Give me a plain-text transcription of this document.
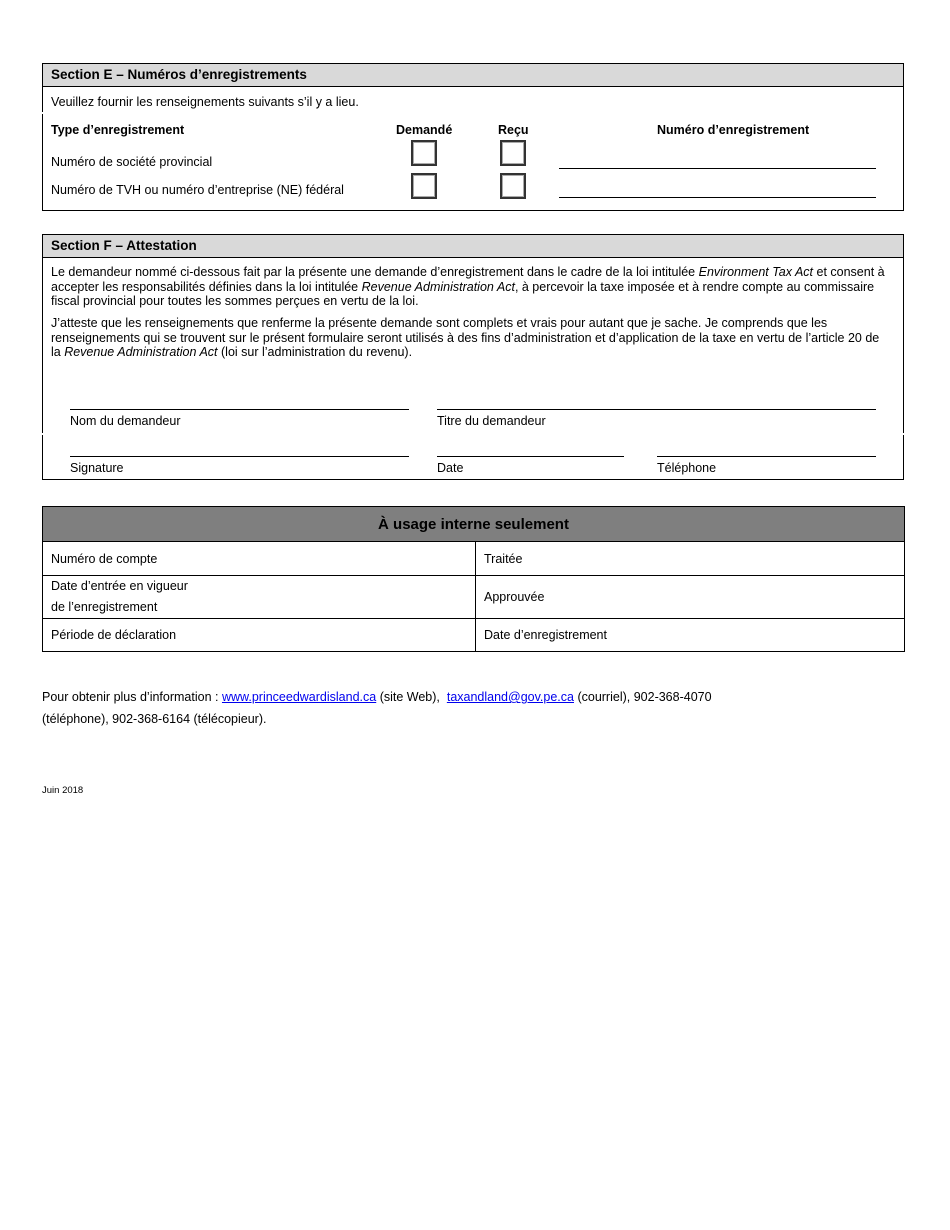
Section E – Numéros d’enregistrements
Veuillez fournir les renseignements suivants s’il y a lieu.
Type d’enregistrement	Demandé	Reçu	Numéro d’enregistrement
Numéro de société provincial
Numéro de TVH ou numéro d’entreprise (NE) fédéral
Section F – Attestation
Le demandeur nommé ci-dessous fait par la présente une demande d’enregistrement dans le cadre de la loi intitulée Environment Tax Act et consent à accepter les responsabilités définies dans la loi intitulée Revenue Administration Act, à percevoir la taxe imposée et à rendre compte au commissaire fiscal provincial pour toutes les sommes perçues en vertu de la loi.
J’atteste que les renseignements que renferme la présente demande sont complets et vrais pour autant que je sache. Je comprends que les renseignements qui se trouvent sur le présent formulaire seront utilisés à des fins d’administration et d’application de la taxe en vertu de l’article 20 de la Revenue Administration Act (loi sur l’administration du revenu).
Nom du demandeur	Titre du demandeur
Signature	Date	Téléphone
À usage interne seulement	
Numéro de compte	Traitée
Date d’entrée en vigueur
de l’enregistrement	Approuvée
Période de déclaration	Date d’enregistrement
Pour obtenir plus d’information : www.princeedwardisland.ca (site Web),  taxandland@gov.pe.ca (courriel), 902-368-4070
(téléphone), 902-368-6164 (télécopieur).
Juin 2018
